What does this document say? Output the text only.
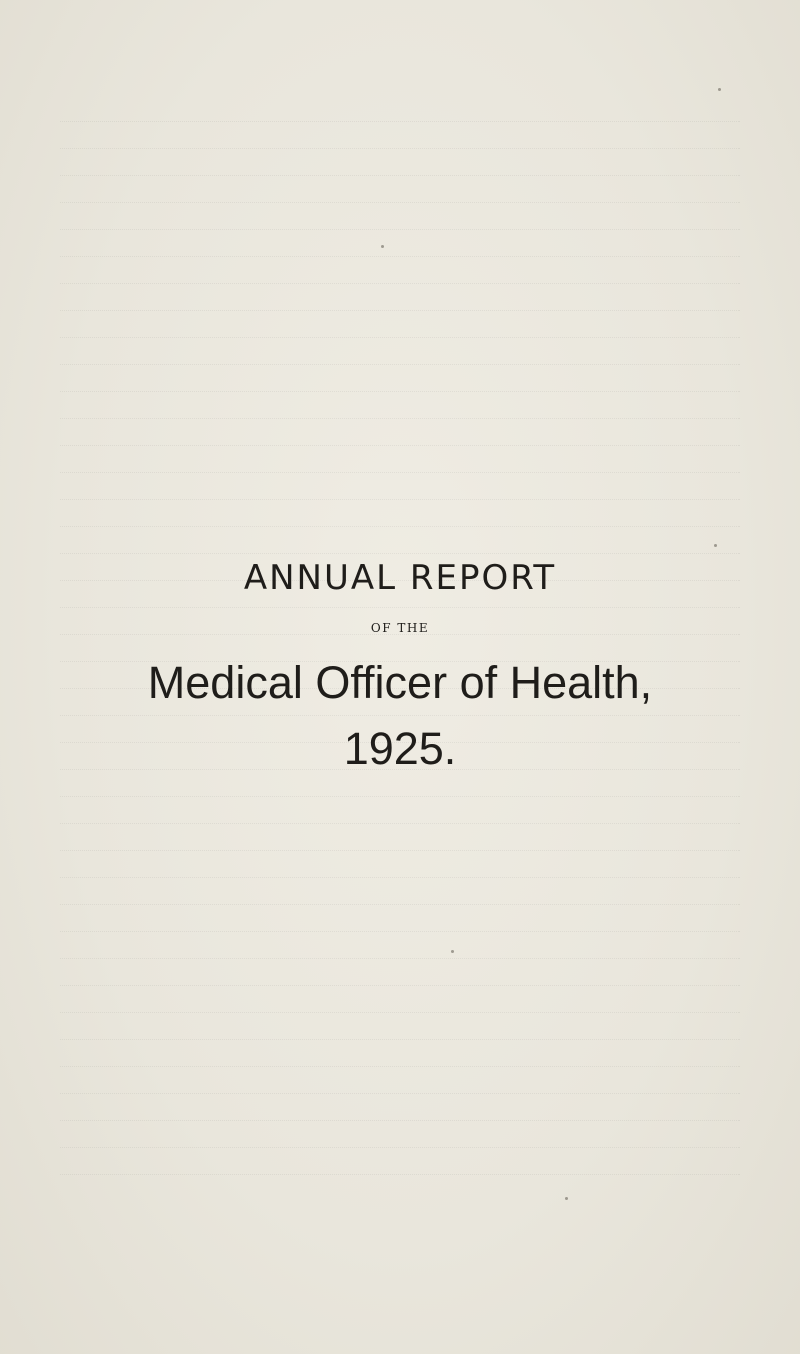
ANNUAL REPORT
OF THE
Medical Officer of Health,
1925.
